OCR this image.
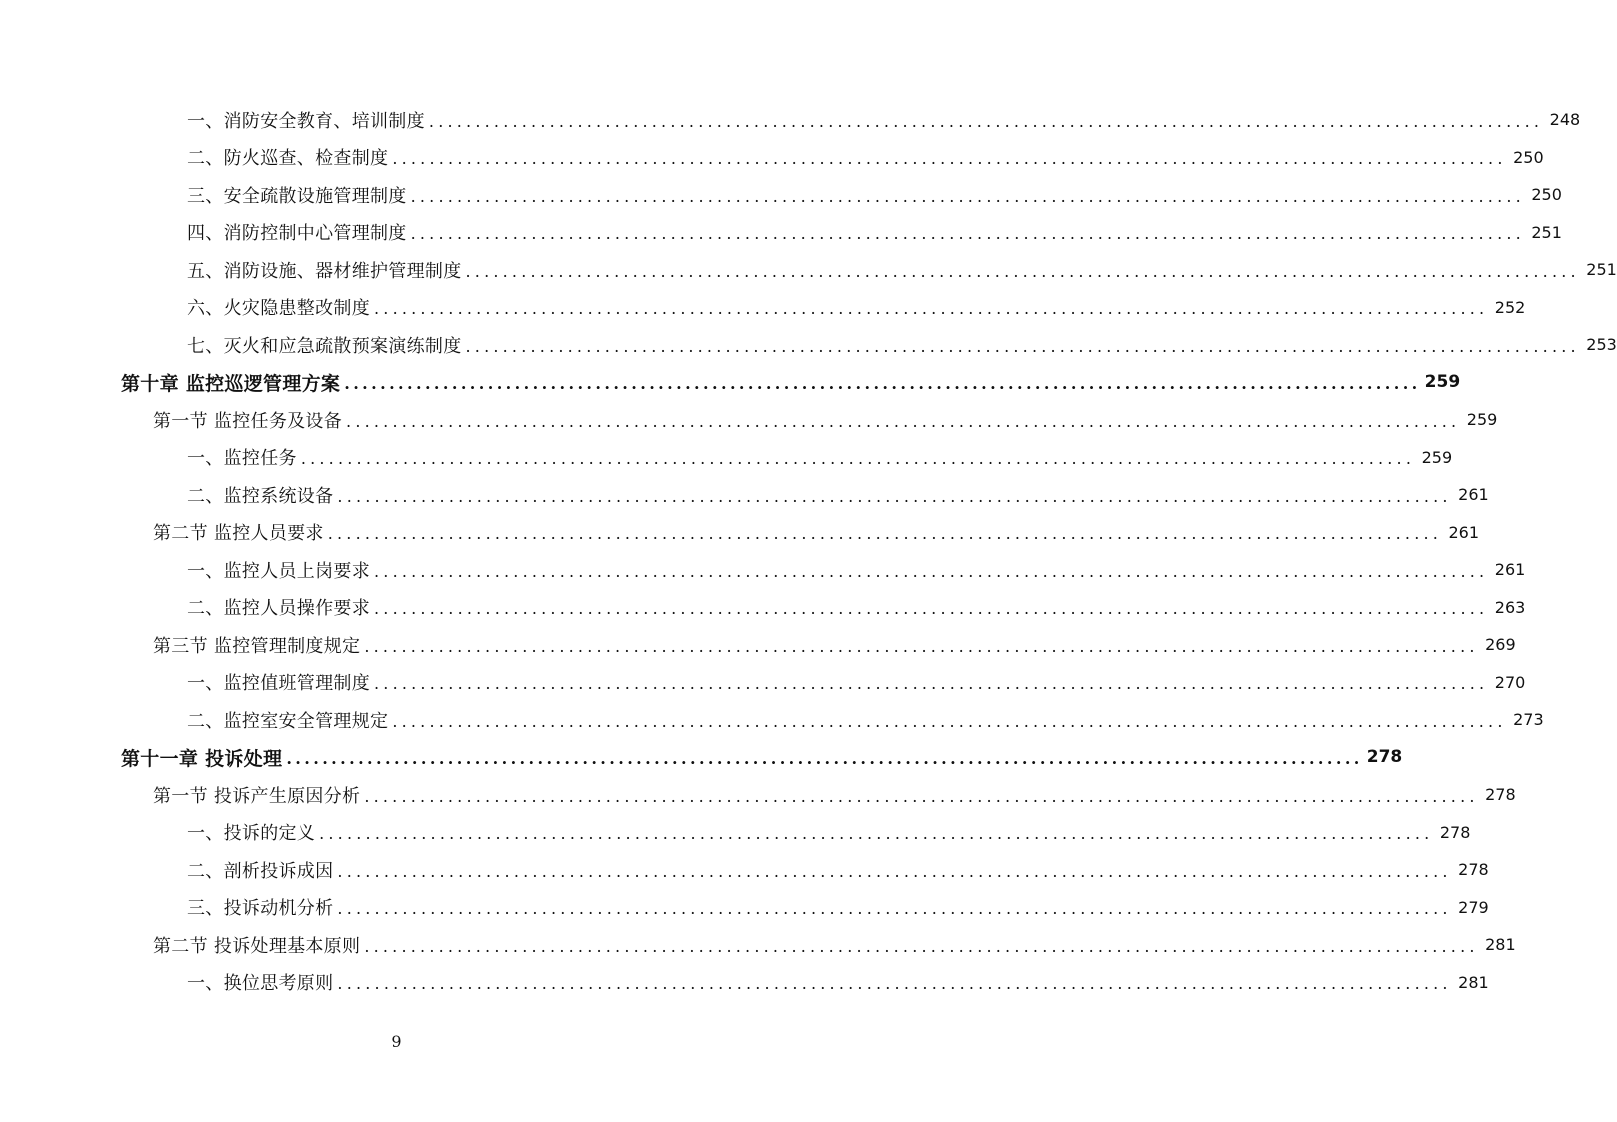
一、消防安全教育、培训制度 ........................................................................................................................ 248
二、防火巡查、检查制度 ........................................................................................................................ 250
三、安全疏散设施管理制度 ........................................................................................................................ 250
四、消防控制中心管理制度 ........................................................................................................................ 251
五、消防设施、器材维护管理制度 ........................................................................................................................ 251
六、火灾隐患整改制度 ........................................................................................................................ 252
七、灭火和应急疏散预案演练制度 ........................................................................................................................ 253
第十章 监控巡逻管理方案 ........................................................................................................................ 259
第一节 监控任务及设备 ........................................................................................................................ 259
一、监控任务 ........................................................................................................................ 259
二、监控系统设备 ........................................................................................................................ 261
第二节 监控人员要求 ........................................................................................................................ 261
一、监控人员上岗要求 ........................................................................................................................ 261
二、监控人员操作要求 ........................................................................................................................ 263
第三节 监控管理制度规定 ........................................................................................................................ 269
一、监控值班管理制度 ........................................................................................................................ 270
二、监控室安全管理规定 ........................................................................................................................ 273
第十一章 投诉处理 ........................................................................................................................ 278
第一节 投诉产生原因分析 ........................................................................................................................ 278
一、投诉的定义 ........................................................................................................................ 278
二、剖析投诉成因 ........................................................................................................................ 278
三、投诉动机分析 ........................................................................................................................ 279
第二节 投诉处理基本原则 ........................................................................................................................ 281
一、换位思考原则 ........................................................................................................................ 281
9
